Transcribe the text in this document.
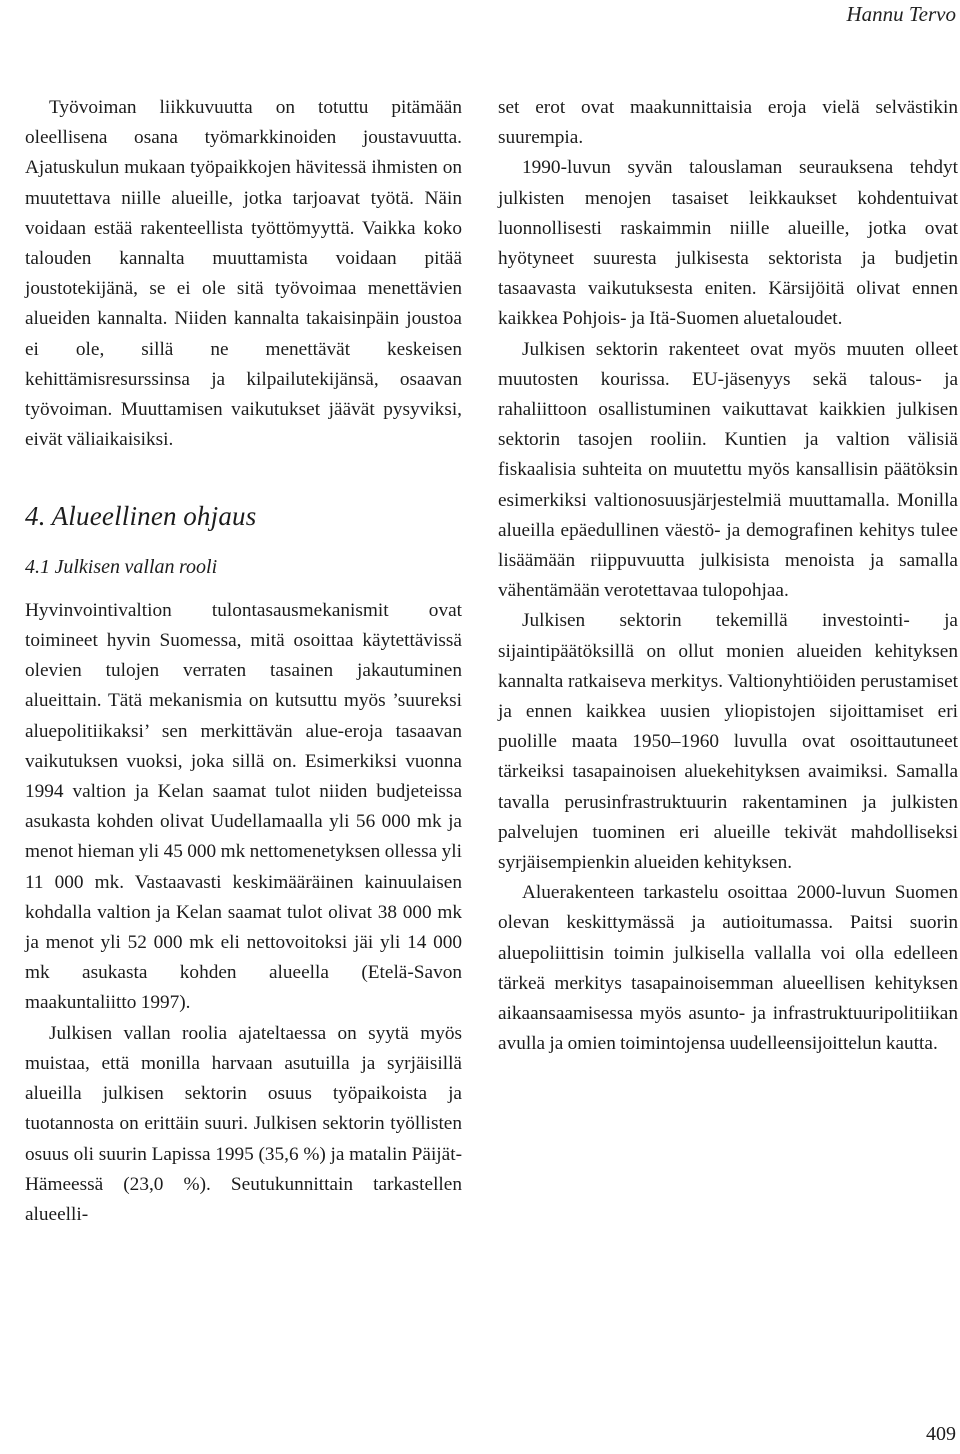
Hannu Tervo

Työvoiman liikkuvuutta on totuttu pitämään oleellisena osana työmarkkinoiden joustavuutta. Ajatuskulun mukaan työpaikkojen hävitessä ihmisten on muutettava niille alueille, jotka tarjoavat työtä. Näin voidaan estää rakenteellista työttömyyttä. Vaikka koko talouden kannalta muuttamista voidaan pitää joustotekijänä, se ei ole sitä työvoimaa menettävien alueiden kannalta. Niiden kannalta takaisinpäin joustoa ei ole, sillä ne menettävät keskeisen kehittämisresurssinsa ja kilpailutekijänsä, osaavan työvoiman. Muuttamisen vaikutukset jäävät pysyviksi, eivät väliaikaisiksi.

4. Alueellinen ohjaus
4.1 Julkisen vallan rooli

Hyvinvointivaltion tulontasausmekanismit ovat toimineet hyvin Suomessa, mitä osoittaa käytettävissä olevien tulojen verraten tasainen jakautuminen alueittain. Tätä mekanismia on kutsuttu myös ’suureksi aluepolitiikaksi’ sen merkittävän alue-eroja tasaavan vaikutuksen vuoksi, joka sillä on. Esimerkiksi vuonna 1994 valtion ja Kelan saamat tulot niiden budjeteissa asukasta kohden olivat Uudellamaalla yli 56 000 mk ja menot hieman yli 45 000 mk nettomenetyksen ollessa yli 11 000 mk. Vastaavasti keskimääräinen kainuulaisen kohdalla valtion ja Kelan saamat tulot olivat 38 000 mk ja menot yli 52 000 mk eli nettovoitoksi jäi yli 14 000 mk asukasta kohden alueella (Etelä-Savon maakuntaliitto 1997).

Julkisen vallan roolia ajateltaessa on syytä myös muistaa, että monilla harvaan asutuilla ja syrjäisillä alueilla julkisen sektorin osuus työpaikoista ja tuotannosta on erittäin suuri. Julkisen sektorin työllisten osuus oli suurin Lapissa 1995 (35,6 %) ja matalin Päijät-Hämeessä (23,0 %). Seutukunnittain tarkastellen alueelli-

set erot ovat maakunnittaisia eroja vielä selvästikin suurempia.

1990-luvun syvän talouslaman seurauksena tehdyt julkisten menojen tasaiset leikkaukset kohdentuivat luonnollisesti raskaimmin niille alueille, jotka ovat hyötyneet suuresta julkisesta sektorista ja budjetin tasaavasta vaikutuksesta eniten. Kärsijöitä olivat ennen kaikkea Pohjois- ja Itä-Suomen aluetaloudet.

Julkisen sektorin rakenteet ovat myös muuten olleet muutosten kourissa. EU-jäsenyys sekä talous- ja rahaliittoon osallistuminen vaikuttavat kaikkien julkisen sektorin tasojen rooliin. Kuntien ja valtion välisiä fiskaalisia suhteita on muutettu myös kansallisin päätöksin esimerkiksi valtionosuusjärjestelmiä muuttamalla. Monilla alueilla epäedullinen väestö- ja demografinen kehitys tulee lisäämään riippuvuutta julkisista menoista ja samalla vähentämään verotettavaa tulopohjaa.

Julkisen sektorin tekemillä investointi- ja sijaintipäätöksillä on ollut monien alueiden kehityksen kannalta ratkaiseva merkitys. Valtionyhtiöiden perustamiset ja ennen kaikkea uusien yliopistojen sijoittamiset eri puolille maata 1950–1960 luvulla ovat osoittautuneet tärkeiksi tasapainoisen aluekehityksen avaimiksi. Samalla tavalla perusinfrastruktuurin rakentaminen ja julkisten palvelujen tuominen eri alueille tekivät mahdolliseksi syrjäisempienkin alueiden kehityksen.

Aluerakenteen tarkastelu osoittaa 2000-luvun Suomen olevan keskittymässä ja autioitumassa. Paitsi suorin aluepoliittisin toimin julkisella vallalla voi olla edelleen tärkeä merkitys tasapainoisemman alueellisen kehityksen aikaansaamisessa myös asunto- ja infrastruktuuripolitiikan avulla ja omien toimintojensa uudelleensijoittelun kautta.

409
